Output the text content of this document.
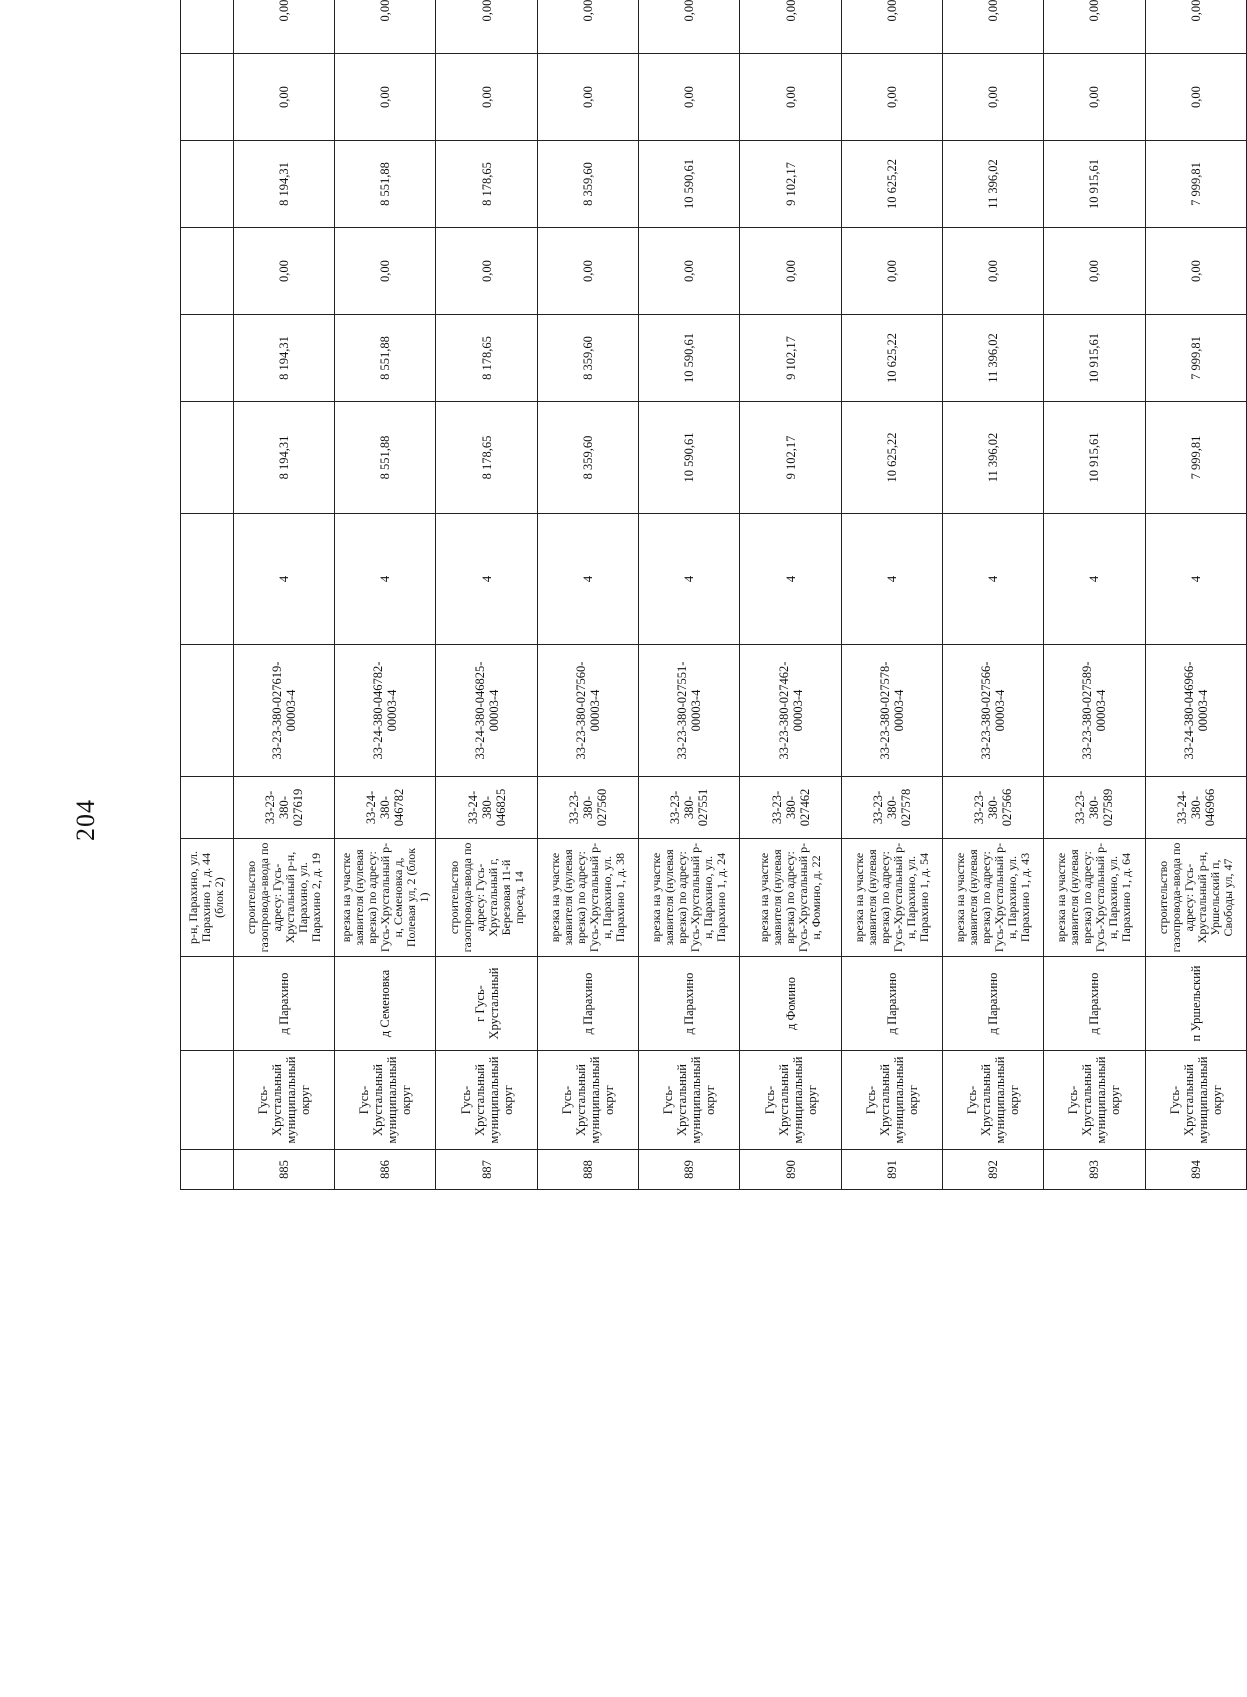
204
			р-н, Парахино, ул. Парахино 1, д. 44 (блок 2)									
885	Гусь-Хрустальный муниципальный округ	д Парахино	строительство газопровода-ввода по адресу: Гусь-Хрустальный р-н, Парахино, ул. Парахино 2, д. 19	33-23-380-027619	33-23-380-027619-00003-4	4	8 194,31	8 194,31	0,00	8 194,31	0,00	0,00
886	Гусь-Хрустальный муниципальный округ	д Семеновка	врезка на участке заявителя (нулевая врезка) по адресу: Гусь-Хрустальный р-н, Семеновка д, Полевая ул, 2 (блок 1)	33-24-380-046782	33-24-380-046782-00003-4	4	8 551,88	8 551,88	0,00	8 551,88	0,00	0,00
887	Гусь-Хрустальный муниципальный округ	г Гусь-Хрустальный	строительство газопровода-ввода по адресу: Гусь-Хрустальный г, Березовая 11-й проезд, 14	33-24-380-046825	33-24-380-046825-00003-4	4	8 178,65	8 178,65	0,00	8 178,65	0,00	0,00
888	Гусь-Хрустальный муниципальный округ	д Парахино	врезка на участке заявителя (нулевая врезка) по адресу: Гусь-Хрустальный р-н, Парахино, ул. Парахино 1, д. 38	33-23-380-027560	33-23-380-027560-00003-4	4	8 359,60	8 359,60	0,00	8 359,60	0,00	0,00
889	Гусь-Хрустальный муниципальный округ	д Парахино	врезка на участке заявителя (нулевая врезка) по адресу: Гусь-Хрустальный р-н, Парахино, ул. Парахино 1, д. 24	33-23-380-027551	33-23-380-027551-00003-4	4	10 590,61	10 590,61	0,00	10 590,61	0,00	0,00
890	Гусь-Хрустальный муниципальный округ	д Фомино	врезка на участке заявителя (нулевая врезка) по адресу: Гусь-Хрустальный р-н, Фомино, д. 22	33-23-380-027462	33-23-380-027462-00003-4	4	9 102,17	9 102,17	0,00	9 102,17	0,00	0,00
891	Гусь-Хрустальный муниципальный округ	д Парахино	врезка на участке заявителя (нулевая врезка) по адресу: Гусь-Хрустальный р-н, Парахино, ул. Парахино 1, д. 54	33-23-380-027578	33-23-380-027578-00003-4	4	10 625,22	10 625,22	0,00	10 625,22	0,00	0,00
892	Гусь-Хрустальный муниципальный округ	д Парахино	врезка на участке заявителя (нулевая врезка) по адресу: Гусь-Хрустальный р-н, Парахино, ул. Парахино 1, д. 43	33-23-380-027566	33-23-380-027566-00003-4	4	11 396,02	11 396,02	0,00	11 396,02	0,00	0,00
893	Гусь-Хрустальный муниципальный округ	д Парахино	врезка на участке заявителя (нулевая врезка) по адресу: Гусь-Хрустальный р-н, Парахино, ул. Парахино 1, д. 64	33-23-380-027589	33-23-380-027589-00003-4	4	10 915,61	10 915,61	0,00	10 915,61	0,00	0,00
894	Гусь-Хрустальный муниципальный округ	п Уршельский	строительство газопровода-ввода по адресу: Гусь-Хрустальный р-н, Уршельский п, Свободы ул, 47	33-24-380-046966	33-24-380-046966-00003-4	4	7 999,81	7 999,81	0,00	7 999,81	0,00	0,00
